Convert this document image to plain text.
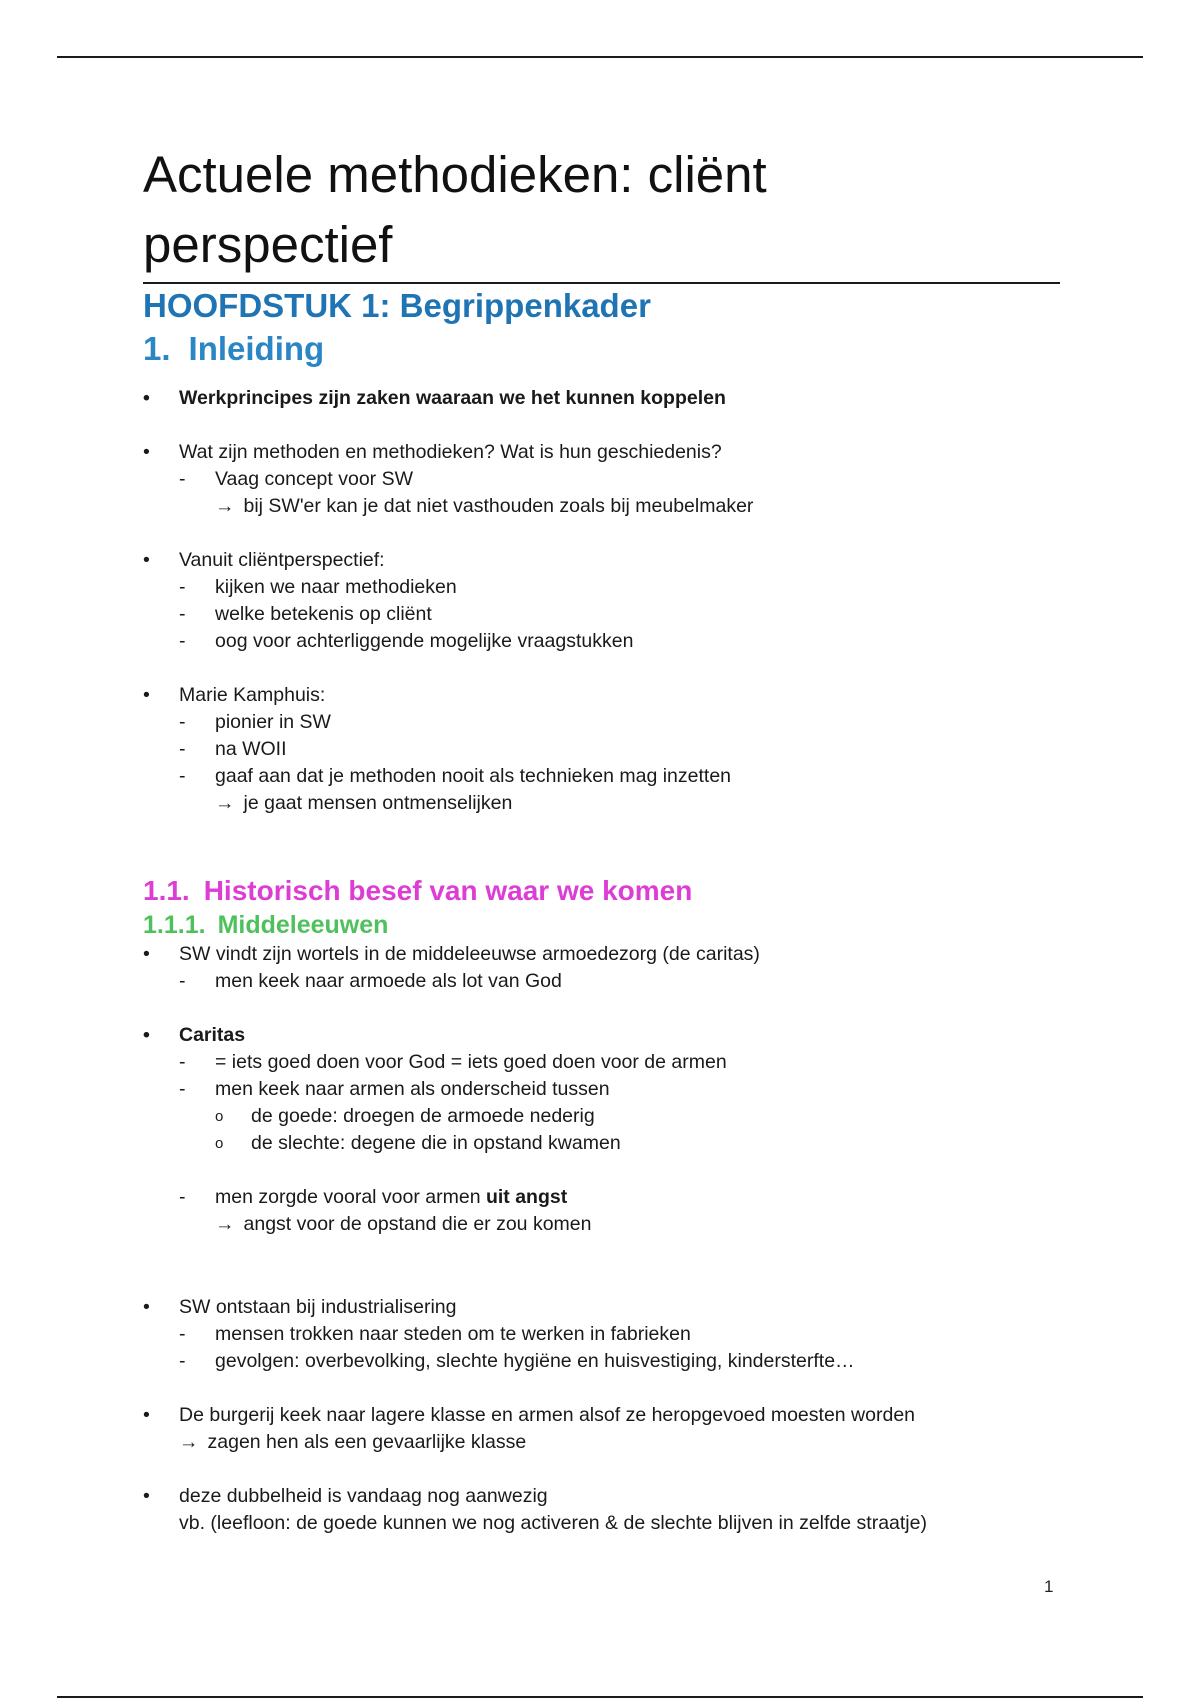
Actuele methodieken: cliënt
perspectief
HOOFDSTUK 1: Begrippenkader
1. Inleiding
• Werkprincipes zijn zaken waaraan we het kunnen koppelen
• Wat zijn methoden en methodieken? Wat is hun geschiedenis?
- Vaag concept voor SW
→ bij SW'er kan je dat niet vasthouden zoals bij meubelmaker
• Vanuit cliëntperspectief:
- kijken we naar methodieken
- welke betekenis op cliënt
- oog voor achterliggende mogelijke vraagstukken
• Marie Kamphuis:
- pionier in SW
- na WOII
- gaaf aan dat je methoden nooit als technieken mag inzetten
→ je gaat mensen ontmenselijken
1.1. Historisch besef van waar we komen
1.1.1. Middeleeuwen
• SW vindt zijn wortels in de middeleeuwse armoedezorg (de caritas)
- men keek naar armoede als lot van God
• Caritas
- = iets goed doen voor God = iets goed doen voor de armen
- men keek naar armen als onderscheid tussen
o de goede: droegen de armoede nederig
o de slechte: degene die in opstand kwamen
- men zorgde vooral voor armen uit angst
→ angst voor de opstand die er zou komen
• SW ontstaan bij industrialisering
- mensen trokken naar steden om te werken in fabrieken
- gevolgen: overbevolking, slechte hygiëne en huisvestiging, kindersterfte…
• De burgerij keek naar lagere klasse en armen alsof ze heropgevoed moesten worden
→ zagen hen als een gevaarlijke klasse
• deze dubbelheid is vandaag nog aanwezig
vb. (leefloon: de goede kunnen we nog activeren & de slechte blijven in zelfde straatje)
1
